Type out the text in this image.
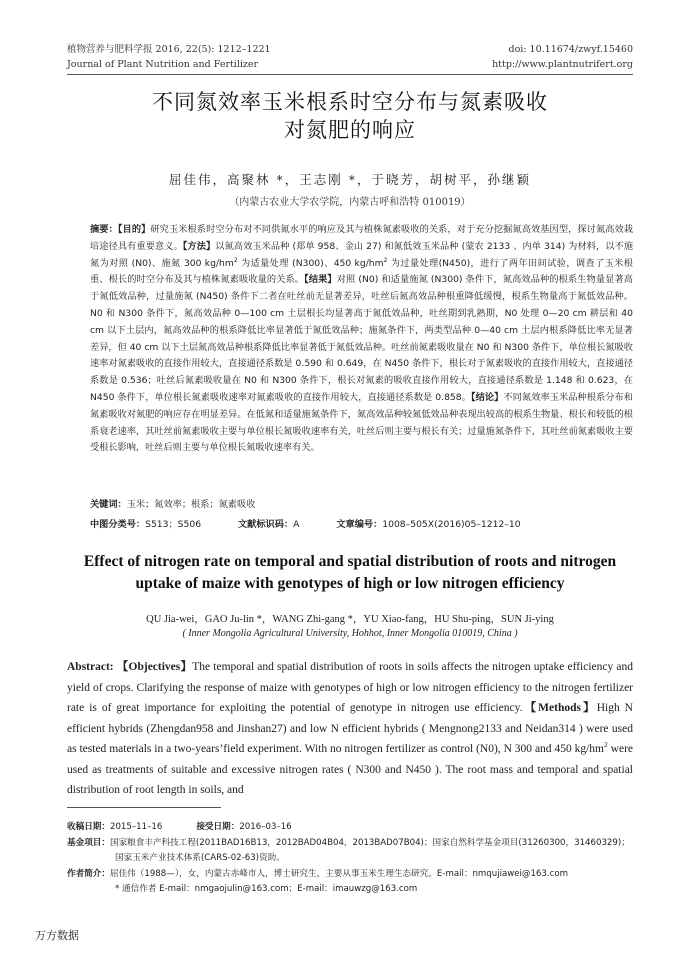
植物营养与肥料学报 2016, 22(5): 1212–1221
Journal of Plant Nutrition and Fertilizer
doi: 10.11674/zwyf.15460
http://www.plantnutrifert.org
不同氮效率玉米根系时空分布与氮素吸收
对氮肥的响应
屈佳伟，高聚林 *，王志刚 *，于晓芳，胡树平，孙继颖
（内蒙古农业大学农学院，内蒙古呼和浩特 010019）
摘要：【目的】研究玉米根系时空分布对不同供氮水平的响应及其与植株氮素吸收的关系，对于充分挖掘氮高效基因型，探讨氮高效栽培途径具有重要意义。【方法】以氮高效玉米品种 (郑单 958、金山 27) 和氮低效玉米品种 (蒙农 2133 、内单 314) 为材料，以不施氮为对照 (N0)、施氮 300 $kg/hm^2$ 为适量处理 (N300)、450 $kg/hm^2$ 为过量处理(N450)，进行了两年田间试验，调查了玉米根重、根长的时空分布及其与植株氮素吸收量的关系。【结果】对照 (N0) 和适量施氮 (N300) 条件下，氮高效品种的根系生物量显著高于氮低效品种，过量施氮 (N450) 条件下二者在吐丝前无显著差异，吐丝后氮高效品种根重降低缓慢，根系生物量高于氮低效品种。N0 和 N300 条件下，氮高效品种 0—100 cm 土层根长均显著高于氮低效品种，吐丝期到乳熟期，N0 处理 0—20 cm 耕层和 40 cm 以下土层内，氮高效品种的根系降低比率显著低于氮低效品种；施氮条件下，两类型品种 0—40 cm 土层内根系降低比率无显著差异，但 40 cm 以下土层氮高效品种根系降低比率显著低于氮低效品种。吐丝前氮素吸收量在 N0 和 N300 条件下，单位根长氮吸收速率对氮素吸收的直接作用较大，直接通径系数是 0.590 和 0.649，在 N450 条件下，根长对于氮素吸收的直接作用较大，直接通径系数是 0.536；吐丝后氮素吸收量在 N0 和 N300 条件下，根长对氮素的吸收直接作用较大，直接通径系数是 1.148 和 0.623，在 N450 条件下，单位根长氮素吸收速率对氮素吸收的直接作用较大，直接通径系数是 0.858。【结论】不同氮效率玉米品种根系分布和氮素吸收对氮肥的响应存在明显差异。在低氮和适量施氮条件下，氮高效品种较氮低效品种表现出较高的根系生物量、根长和较低的根系衰老速率，其吐丝前氮素吸收主要与单位根长氮吸收速率有关，吐丝后则主要与根长有关；过量施氮条件下，其吐丝前氮素吸收主要受根长影响，吐丝后则主要与单位根长氮吸收速率有关。
关键词：玉米；氮效率；根系；氮素吸收
中图分类号：S513；S506	文献标识码：A	文章编号：1008–505X(2016)05–1212–10
Effect of nitrogen rate on temporal and spatial distribution of roots and nitrogen
uptake of maize with genotypes of high or low nitrogen efficiency
QU Jia-wei，GAO Ju-lin *，WANG Zhi-gang *，YU Xiao-fang，HU Shu-ping，SUN Ji-ying
( Inner Mongolia Agricultural University, Hohhot, Inner Mongolia 010019, China )
Abstract: 【Objectives】The temporal and spatial distribution of roots in soils affects the nitrogen uptake efficiency and yield of crops. Clarifying the response of maize with genotypes of high or low nitrogen efficiency to the nitrogen fertilizer rate is of great importance for exploiting the potential of genotype in nitrogen use efficiency.【Methods】High N efficient hybrids (Zhengdan958 and Jinshan27) and low N efficient hybrids ( Mengnong2133 and Neidan314 ) were used as tested materials in a two-years’field experiment. With no nitrogen fertilizer as control (N0), N 300 and 450 $kg/hm^2$ were used as treatments of suitable and excessive nitrogen rates ( N300 and N450 ). The root mass and temporal and spatial distribution of root length in soils, and
收稿日期： 2015–11–16	接受日期： 2016–03–16
基金项目： 国家粮食丰产科技工程(2011BAD16B13，2012BAD04B04，2013BAD07B04)；国家自然科学基金项目(31260300，31460329)；
国家玉米产业技术体系(CARS-02-63)资助。
作者简介： 屈佳伟（1988—），女，内蒙古赤峰市人，博士研究生，主要从事玉米生理生态研究。E-mail：nmqujiawei@163.com
* 通信作者 E-mail：nmgaojulin@163.com；E-mail：imauwzg@163.com
万方数据
